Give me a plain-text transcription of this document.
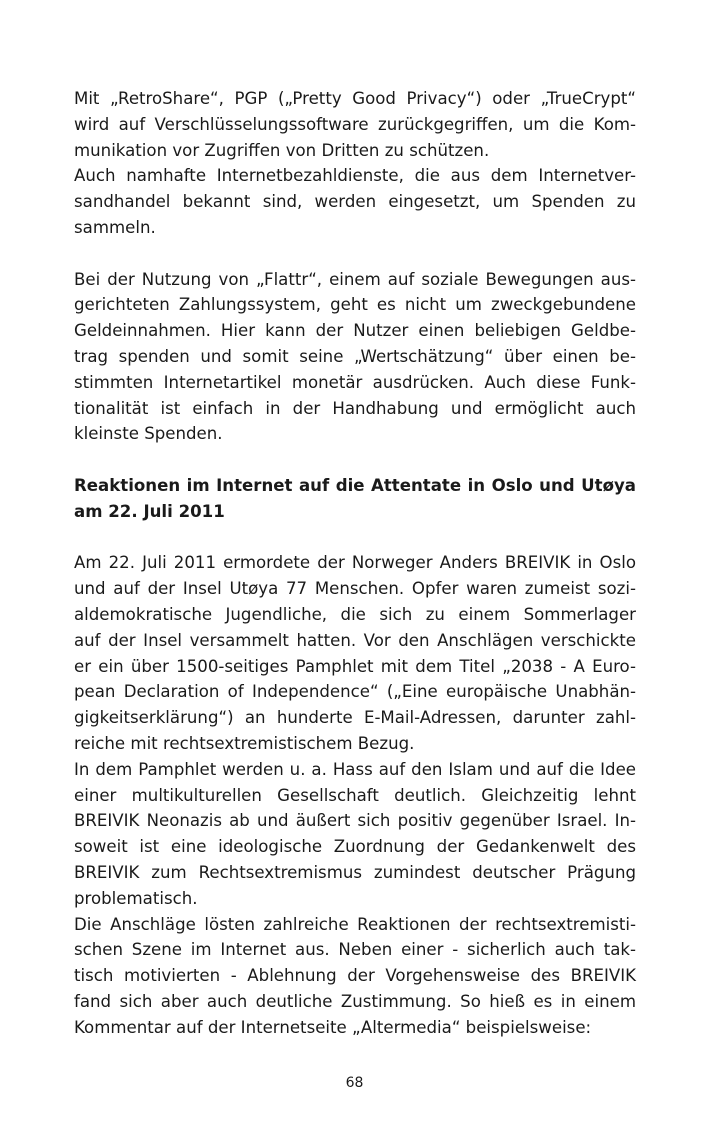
Mit „RetroShare“, PGP („Pretty Good Privacy“) oder „TrueCrypt“
wird auf Verschlüsselungssoftware zurückgegriffen, um die Kom-
munikation vor Zugriffen von Dritten zu schützen.
Auch namhafte Internetbezahldienste, die aus dem Internetver-
sandhandel bekannt sind, werden eingesetzt, um Spenden zu
sammeln.
Bei der Nutzung von „Flattr“, einem auf soziale Bewegungen aus-
gerichteten Zahlungssystem, geht es nicht um zweckgebundene
Geldeinnahmen. Hier kann der Nutzer einen beliebigen Geldbe-
trag spenden und somit seine „Wertschätzung“ über einen be-
stimmten Internetartikel monetär ausdrücken. Auch diese Funk-
tionalität ist einfach in der Handhabung und ermöglicht auch
kleinste Spenden.
Reaktionen im Internet auf die Attentate in Oslo und Utøya
am 22. Juli 2011
Am 22. Juli 2011 ermordete der Norweger Anders BREIVIK in Oslo
und auf der Insel Utøya 77 Menschen. Opfer waren zumeist sozi-
aldemokratische Jugendliche, die sich zu einem Sommerlager
auf der Insel versammelt hatten. Vor den Anschlägen verschickte
er ein über 1500-seitiges Pamphlet mit dem Titel „2038 - A Euro-
pean Declaration of Independence“ („Eine europäische Unabhän-
gigkeitserklärung“) an hunderte E-Mail-Adressen, darunter zahl-
reiche mit rechtsextremistischem Bezug.
In dem Pamphlet werden u. a. Hass auf den Islam und auf die Idee
einer multikulturellen Gesellschaft deutlich. Gleichzeitig lehnt
BREIVIK Neonazis ab und äußert sich positiv gegenüber Israel. In-
soweit ist eine ideologische Zuordnung der Gedankenwelt des
BREIVIK zum Rechtsextremismus zumindest deutscher Prägung
problematisch.
Die Anschläge lösten zahlreiche Reaktionen der rechtsextremisti-
schen Szene im Internet aus. Neben einer - sicherlich auch tak-
tisch motivierten - Ablehnung der Vorgehensweise des BREIVIK
fand sich aber auch deutliche Zustimmung. So hieß es in einem
Kommentar auf der Internetseite „Altermedia“ beispielsweise:
68
